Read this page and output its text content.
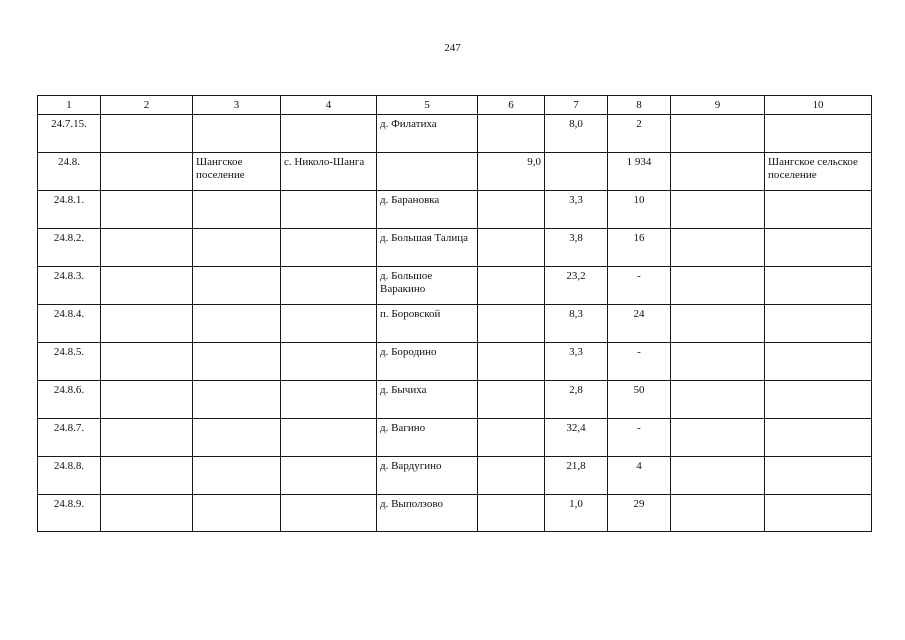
247
1	2	3	4	5	6	7	8	9	10
24.7.15.				д. Филатиха		8,0	2		
24.8.		Шангское поселение	с. Николо-Шанга		9,0		1 934		Шангское сельское поселение
24.8.1.				д. Барановка		3,3	10		
24.8.2.				д. Большая Талица		3,8	16		
24.8.3.				д. Большое Варакино		23,2	-		
24.8.4.				п. Боровской		8,3	24		
24.8.5.				д. Бородино		3,3	-		
24.8.6.				д. Бычиха		2,8	50		
24.8.7.				д. Вагино		32,4	-		
24.8.8.				д. Вардугино		21,8	4		
24.8.9.				д. Выползово		1,0	29		
